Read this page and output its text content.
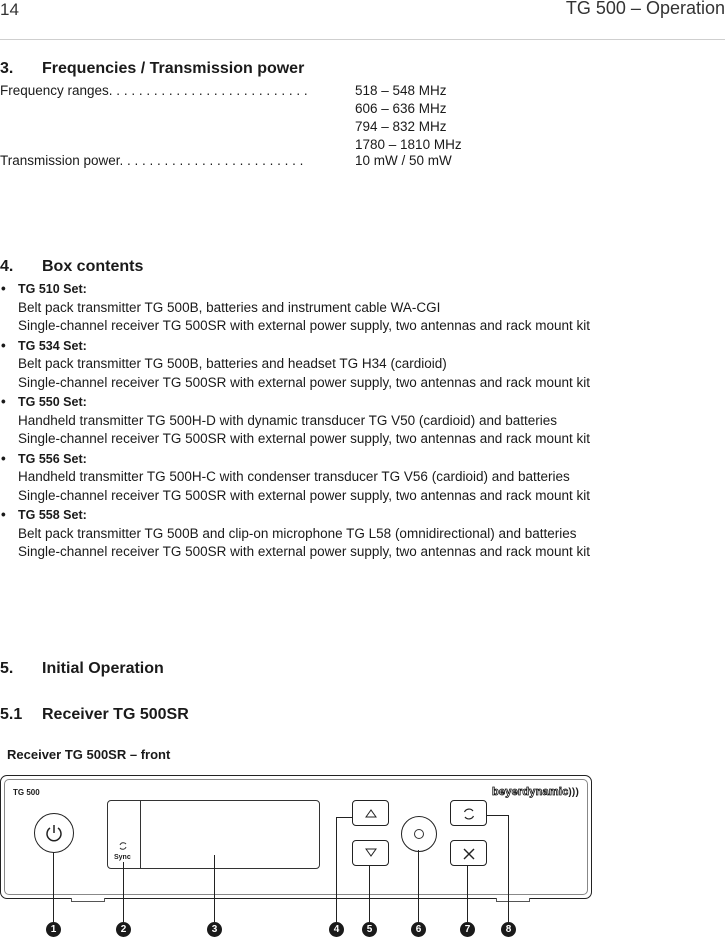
14	TG 500 – Operation
3. Frequencies / Transmission power
Frequency ranges. . . . . . . . . . . . . . . . . . . . . . . . . . .	518 – 548 MHz
606 – 636 MHz
794 – 832 MHz
1780 – 1810 MHz
Transmission power. . . . . . . . . . . . . . . . . . . . . . . . .	10 mW / 50 mW
4. Box contents
• TG 510 Set:
Belt pack transmitter TG 500B, batteries and instrument cable WA-CGI
Single-channel receiver TG 500SR with external power supply, two antennas and rack mount kit
• TG 534 Set:
Belt pack transmitter TG 500B, batteries and headset TG H34 (cardioid)
Single-channel receiver TG 500SR with external power supply, two antennas and rack mount kit
• TG 550 Set:
Handheld transmitter TG 500H-D with dynamic transducer TG V50 (cardioid) and batteries
Single-channel receiver TG 500SR with external power supply, two antennas and rack mount kit
• TG 556 Set:
Handheld transmitter TG 500H-C with condenser transducer TG V56 (cardioid) and batteries
Single-channel receiver TG 500SR with external power supply, two antennas and rack mount kit
• TG 558 Set:
Belt pack transmitter TG 500B and clip-on microphone TG L58 (omnidirectional) and batteries
Single-channel receiver TG 500SR with external power supply, two antennas and rack mount kit
5. Initial Operation
5.1 Receiver TG 500SR
Receiver TG 500SR – front
TG 500	beyerdynamic)))
Sync
1	2	3	4	5	6	7	8
